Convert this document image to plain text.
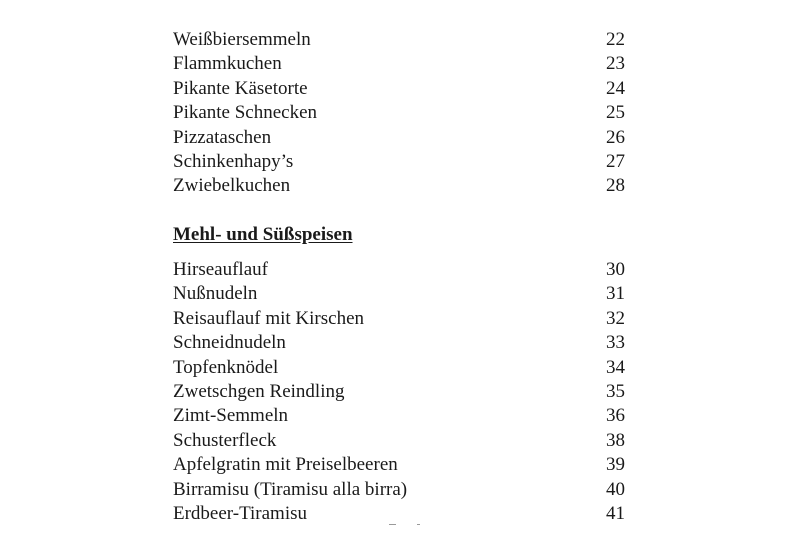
Weißbiersemmeln	22
Flammkuchen	23
Pikante Käsetorte	24
Pikante Schnecken	25
Pizzataschen	26
Schinkenhapy’s	27
Zwiebelkuchen	28
Mehl- und Süßspeisen
Hirseauflauf	30
Nußnudeln	31
Reisauflauf mit Kirschen	32
Schneidnudeln	33
Topfenknödel	34
Zwetschgen Reindling	35
Zimt-Semmeln	36
Schusterfleck	38
Apfelgratin mit Preiselbeeren	39
Birramisu (Tiramisu alla birra)	40
Erdbeer-Tiramisu	41
